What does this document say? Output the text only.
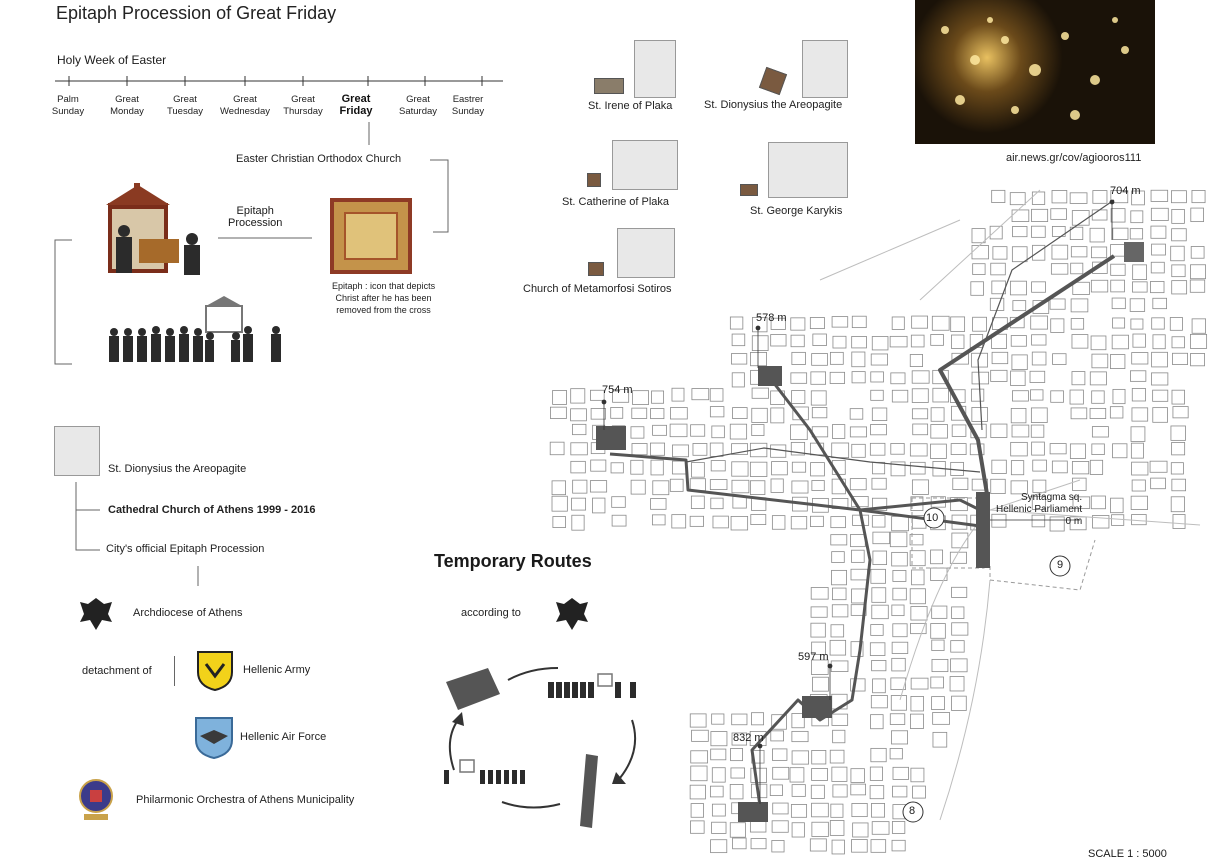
Epitaph Procession of Great Friday
Holy Week of Easter
Palm
Sunday
Great
Monday
Great
Tuesday
Great
Wednesday
Great
Thursday
Great
Friday
Great
Saturday
Eastrer
Sunday
Easter Christian Orthodox Church
Epitaph
Procession
Epitaph : icon that depicts
Christ after he has been
removed from the cross
St. Irene of Plaka	St. Dionysius the Areopagite
St. Catherine of Plaka
St. George Karykis
Church of Metamorfosi Sotiros
air.news.gr/cov/agiooros111
St. Dionysius the Areopagite
Cathedral Church of Athens 1999 - 2016
City's official Epitaph Procession
Archdiocese of Athens
detachment of	Hellenic Army
Hellenic Air Force
Philarmonic Orchestra of Athens Municipality
Temporary Routes
according to
704 m
578 m
754 m
597 m
832 m
Syntagma sq.
Hellenic Parliament
0 m
10
9
8
SCALE 1 : 5000
